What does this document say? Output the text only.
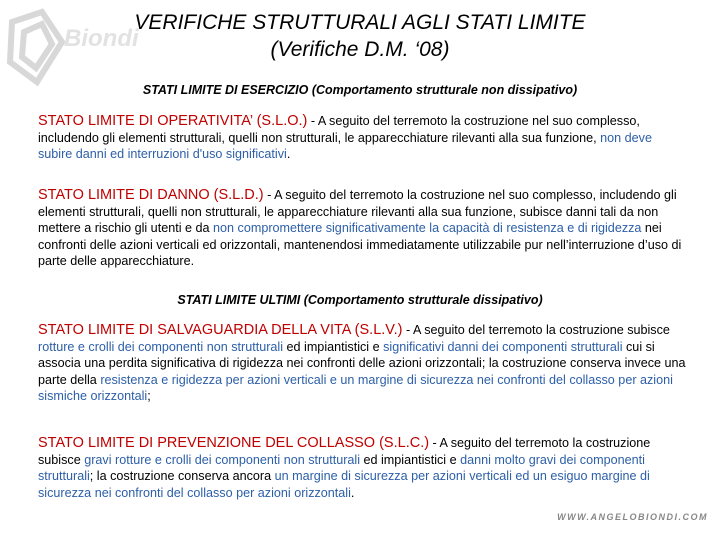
Biondi
VERIFICHE STRUTTURALI AGLI STATI LIMITE
(Verifiche D.M. ‘08)
STATI LIMITE DI ESERCIZIO (Comportamento strutturale non dissipativo)
STATO LIMITE DI OPERATIVITA’ (S.L.O.) - A seguito del terremoto la costruzione nel suo complesso, includendo gli elementi strutturali, quelli non strutturali, le apparecchiature rilevanti alla sua funzione, non deve subire danni ed interruzioni d'uso significativi.
STATO LIMITE DI DANNO (S.L.D.) - A seguito del terremoto la costruzione nel suo complesso, includendo gli elementi strutturali, quelli non strutturali, le apparecchiature rilevanti alla sua funzione, subisce danni tali da non mettere a rischio gli utenti e da non compromettere significativamente la capacità di resistenza e di rigidezza nei confronti delle azioni verticali ed orizzontali, mantenendosi immediatamente utilizzabile pur nell’interruzione d’uso di parte delle apparecchiature.
STATI LIMITE ULTIMI (Comportamento strutturale dissipativo)
STATO LIMITE DI SALVAGUARDIA DELLA VITA (S.L.V.) - A seguito del terremoto la costruzione subisce rotture e crolli dei componenti non strutturali ed impiantistici e significativi danni dei componenti strutturali cui si associa una perdita significativa di rigidezza nei confronti delle azioni orizzontali; la costruzione conserva invece una parte della resistenza e rigidezza per azioni verticali e un margine di sicurezza nei confronti del collasso per azioni sismiche orizzontali;
STATO LIMITE DI PREVENZIONE DEL COLLASSO (S.L.C.) - A seguito del terremoto la costruzione subisce gravi rotture e crolli dei componenti non strutturali ed impiantistici e danni molto gravi dei componenti strutturali; la costruzione conserva ancora un margine di sicurezza per azioni verticali ed un esiguo margine di sicurezza nei confronti del collasso per azioni orizzontali.
WWW.ANGELOBIONDI.COM
